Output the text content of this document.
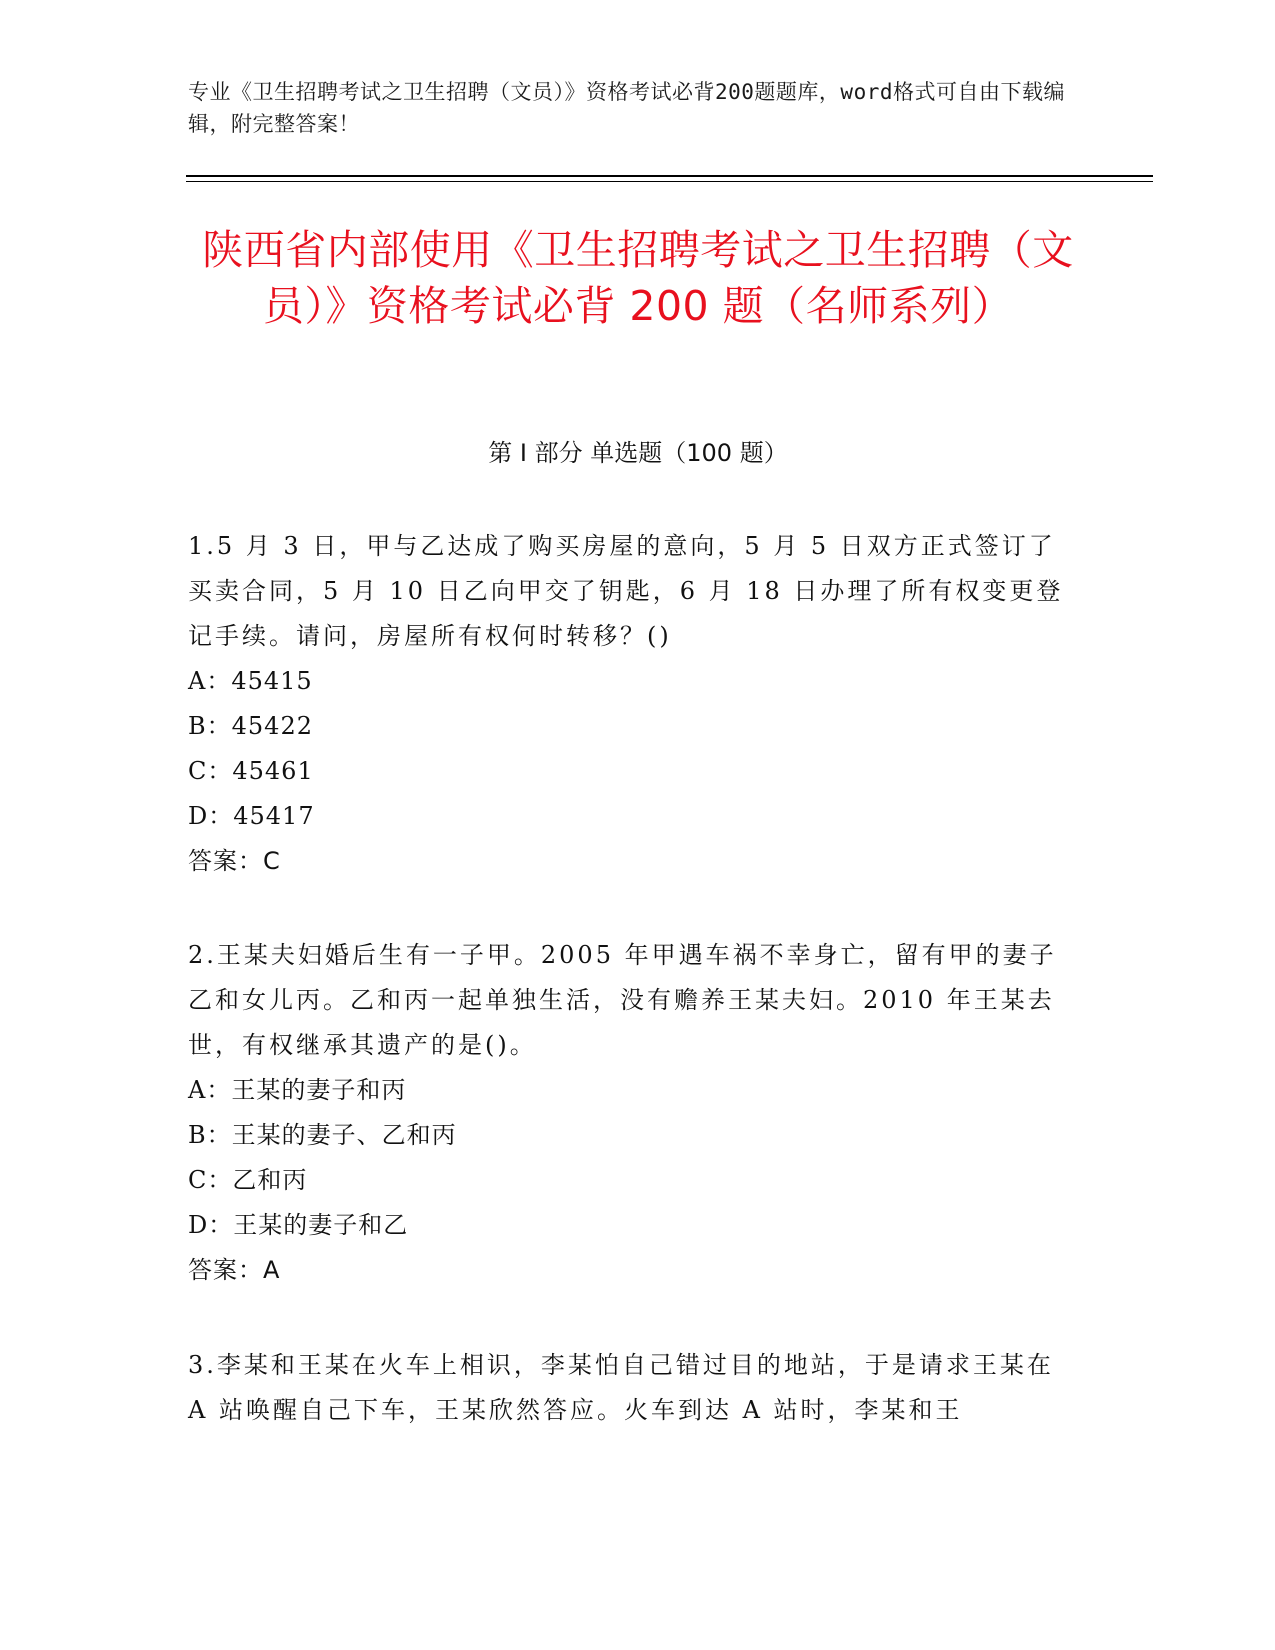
专业《卫生招聘考试之卫生招聘（文员）》资格考试必背200题题库，word格式可自由下载编辑，附完整答案！
陕西省内部使用《卫生招聘考试之卫生招聘（文员）》资格考试必背 200 题（名师系列）
第 I 部分 单选题（100 题）
1.5 月 3 日，甲与乙达成了购买房屋的意向，5 月 5 日双方正式签订了买卖合同，5 月 10 日乙向甲交了钥匙，6 月 18 日办理了所有权变更登记手续。请问，房屋所有权何时转移？()
A：45415
B：45422
C：45461
D：45417
答案：C
2.王某夫妇婚后生有一子甲。2005 年甲遇车祸不幸身亡，留有甲的妻子乙和女儿丙。乙和丙一起单独生活，没有赡养王某夫妇。2010 年王某去世，有权继承其遗产的是()。
A：王某的妻子和丙
B：王某的妻子、乙和丙
C：乙和丙
D：王某的妻子和乙
答案：A
3.李某和王某在火车上相识，李某怕自己错过目的地站，于是请求王某在 A 站唤醒自己下车，王某欣然答应。火车到达 A 站时，李某和王
